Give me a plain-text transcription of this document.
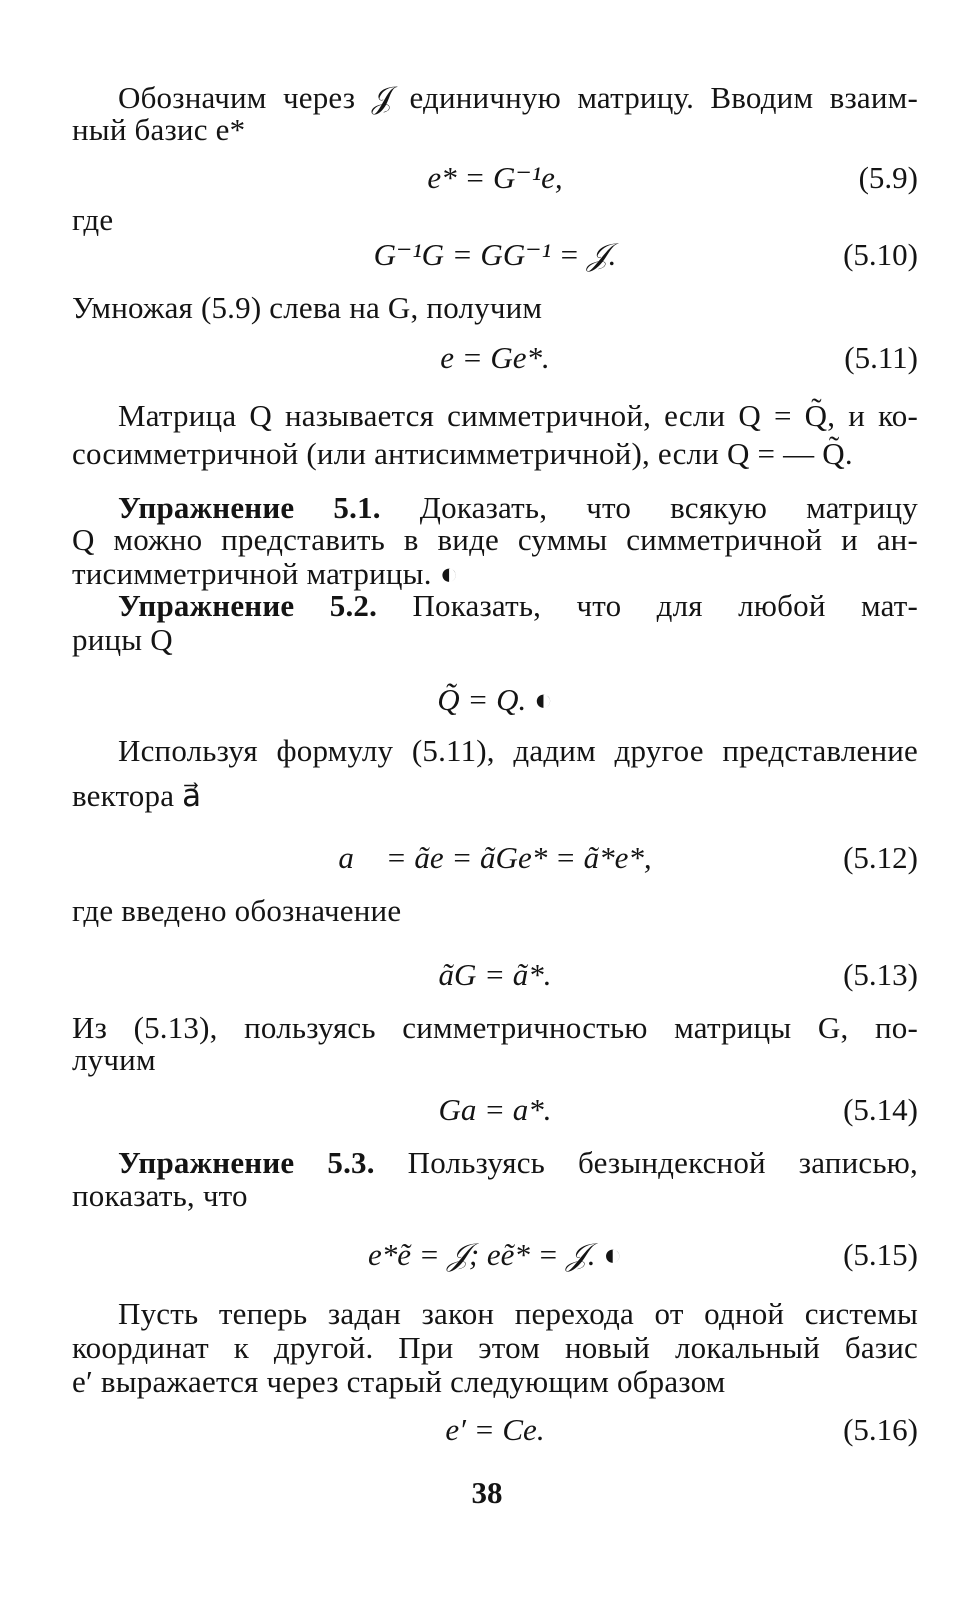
Обозначим через 𝒥 единичную матрицу. Вводим взаим-
ный базис e*
e* = G⁻¹e,	(5.9)
где
G⁻¹G = GG⁻¹ = 𝒥.	(5.10)
Умножая (5.9) слева на G, получим
e = Ge*.	(5.11)
Матрица Q называется симметричной, если Q = Q̃, и ко-
сосимметричной (или антисимметричной), если Q = — Q̃.
Упражнение 5.1. Доказать, что всякую матрицу
Q можно представить в виде суммы симметричной и ан-
тисимметричной матрицы. ◐
Упражнение 5.2. Показать, что для любой мат-
рицы Q
Q̃̃ = Q. ◐
Используя формулу (5.11), дадим другое представление
вектора a⃗
a⃗ = ãe = ãGe* = ã*e*,	(5.12)
где введено обозначение
ãG = ã*.	(5.13)
Из (5.13), пользуясь симметричностью матрицы G, по-
лучим
Ga = a*.	(5.14)
Упражнение 5.3. Пользуясь безындексной записью,
показать, что
e*ẽ = 𝒥; eẽ* = 𝒥. ◐	(5.15)
Пусть теперь задан закон перехода от одной системы
координат к другой. При этом новый локальный базис
e′ выражается через старый следующим образом
e′ = Ce.	(5.16)
38
